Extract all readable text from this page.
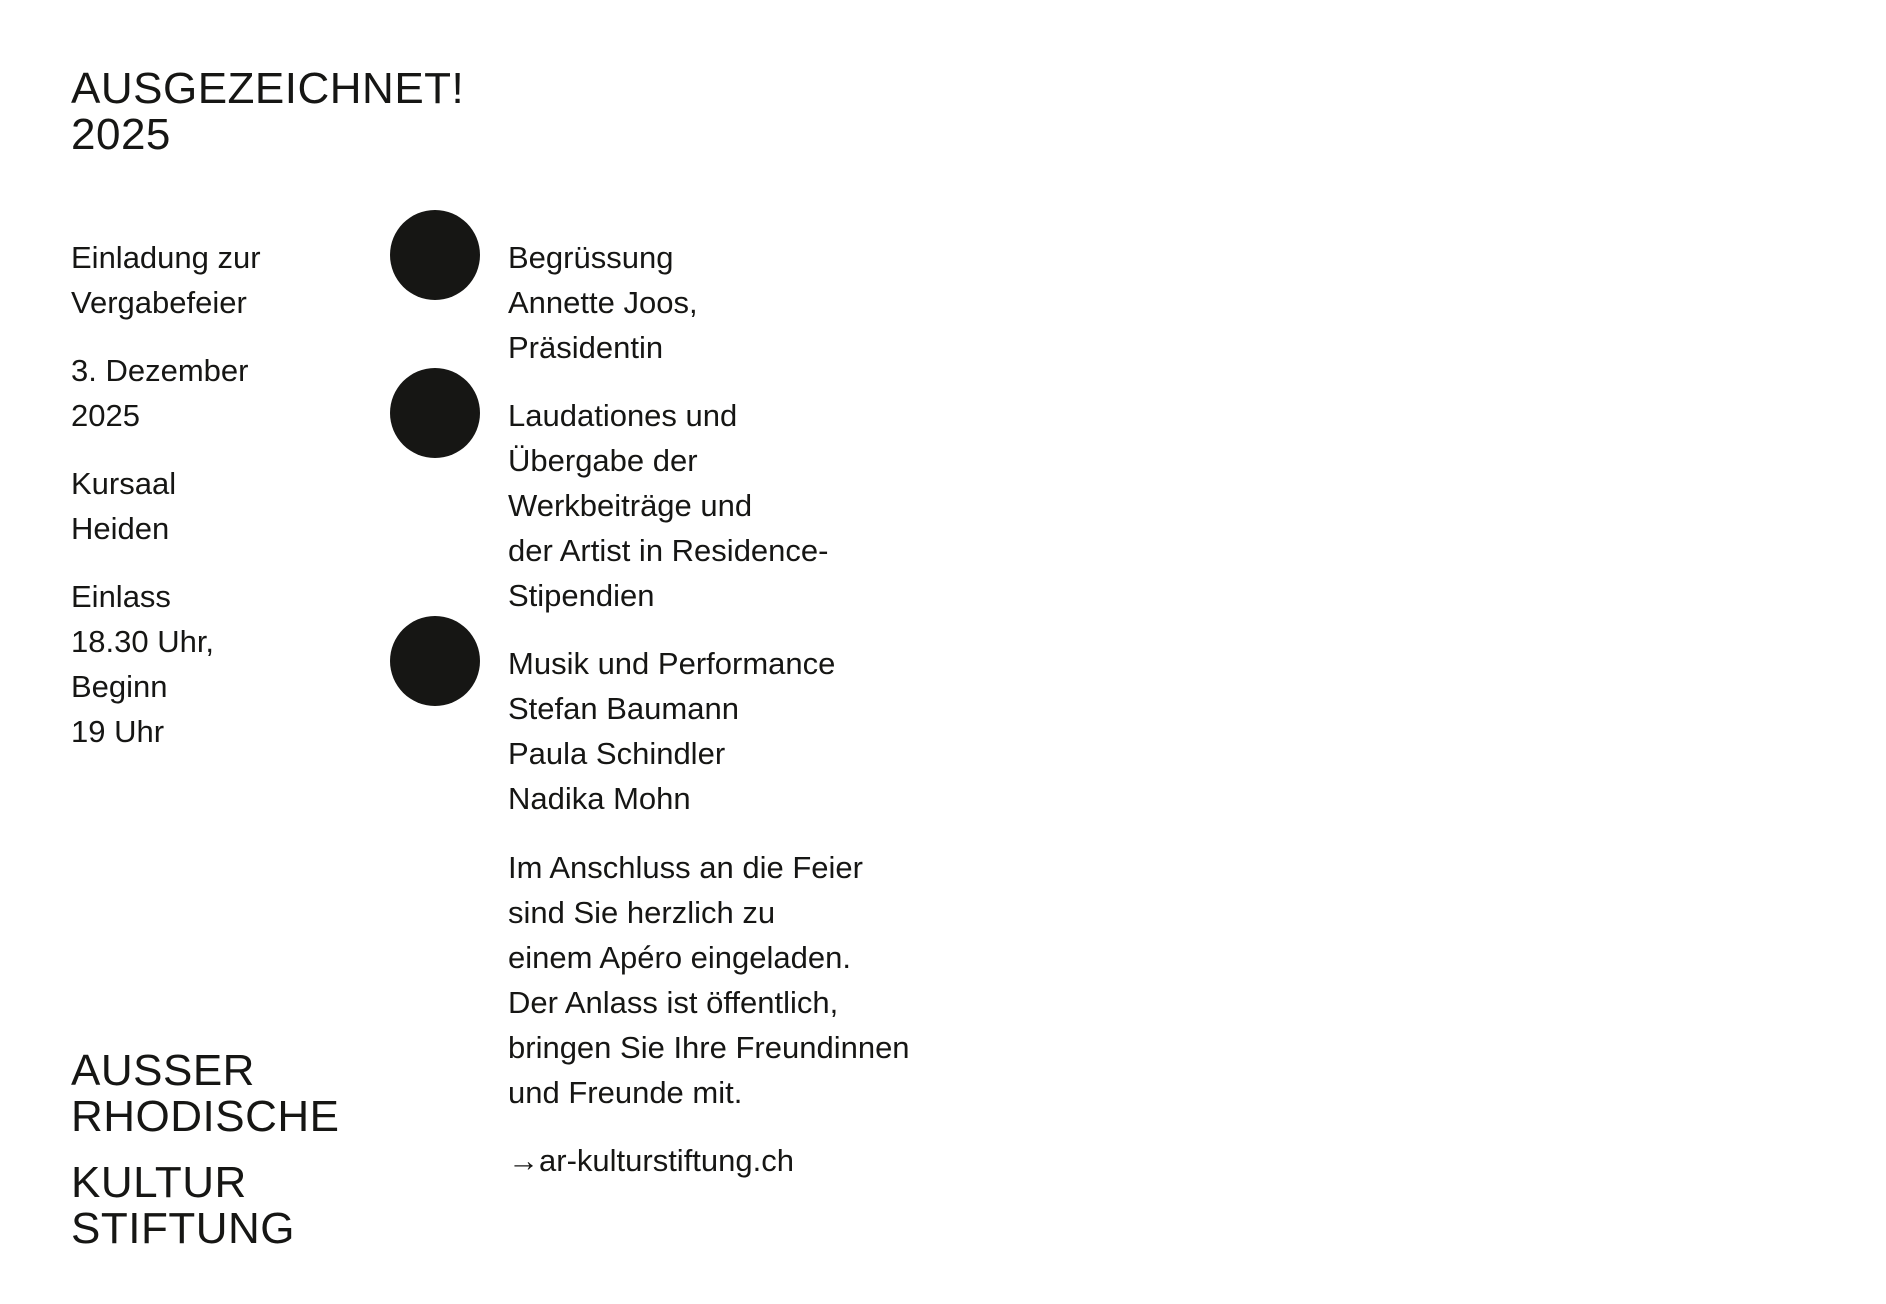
AUSGEZEICHNET!
2025
Einladung zur
Vergabefeier
3. Dezember
2025
Kursaal
Heiden
Einlass
18.30 Uhr,
Beginn
19 Uhr
Begrüssung
Annette Joos,
Präsidentin
Laudationes und
Übergabe der
Werkbeiträge und
der Artist in Residence-
Stipendien
Musik und Performance
Stefan Baumann
Paula Schindler
Nadika Mohn
Im Anschluss an die Feier
sind Sie herzlich zu
einem Apéro eingeladen.
Der Anlass ist öffentlich,
bringen Sie Ihre Freundinnen
und Freunde mit.
→ar-kulturstiftung.ch
AUSSER
RHODISCHE
KULTUR
STIFTUNG
